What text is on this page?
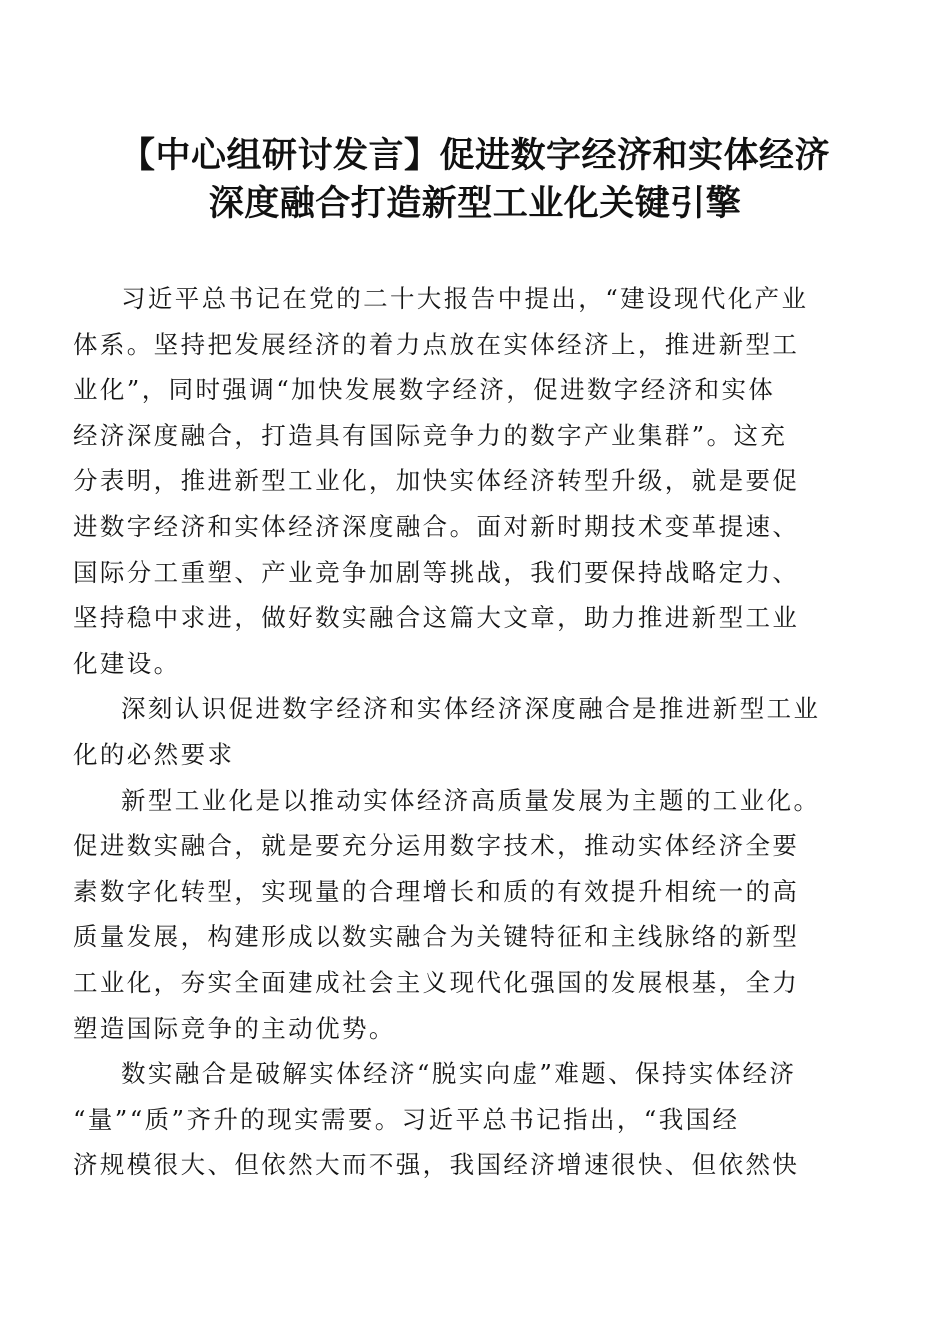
【中心组研讨发言】促进数字经济和实体经济
深度融合打造新型工业化关键引擎

习近平总书记在党的二十大报告中提出，“建设现代化产业
体系。坚持把发展经济的着力点放在实体经济上，推进新型工
业化”，同时强调“加快发展数字经济，促进数字经济和实体
经济深度融合，打造具有国际竞争力的数字产业集群”。这充
分表明，推进新型工业化，加快实体经济转型升级，就是要促
进数字经济和实体经济深度融合。面对新时期技术变革提速、
国际分工重塑、产业竞争加剧等挑战，我们要保持战略定力、
坚持稳中求进，做好数实融合这篇大文章，助力推进新型工业
化建设。

深刻认识促进数字经济和实体经济深度融合是推进新型工业
化的必然要求

新型工业化是以推动实体经济高质量发展为主题的工业化。
促进数实融合，就是要充分运用数字技术，推动实体经济全要
素数字化转型，实现量的合理增长和质的有效提升相统一的高
质量发展，构建形成以数实融合为关键特征和主线脉络的新型
工业化，夯实全面建成社会主义现代化强国的发展根基，全力
塑造国际竞争的主动优势。

数实融合是破解实体经济“脱实向虚”难题、保持实体经济
“量”“质”齐升的现实需要。习近平总书记指出，“我国经
济规模很大、但依然大而不强，我国经济增速很快、但依然快
